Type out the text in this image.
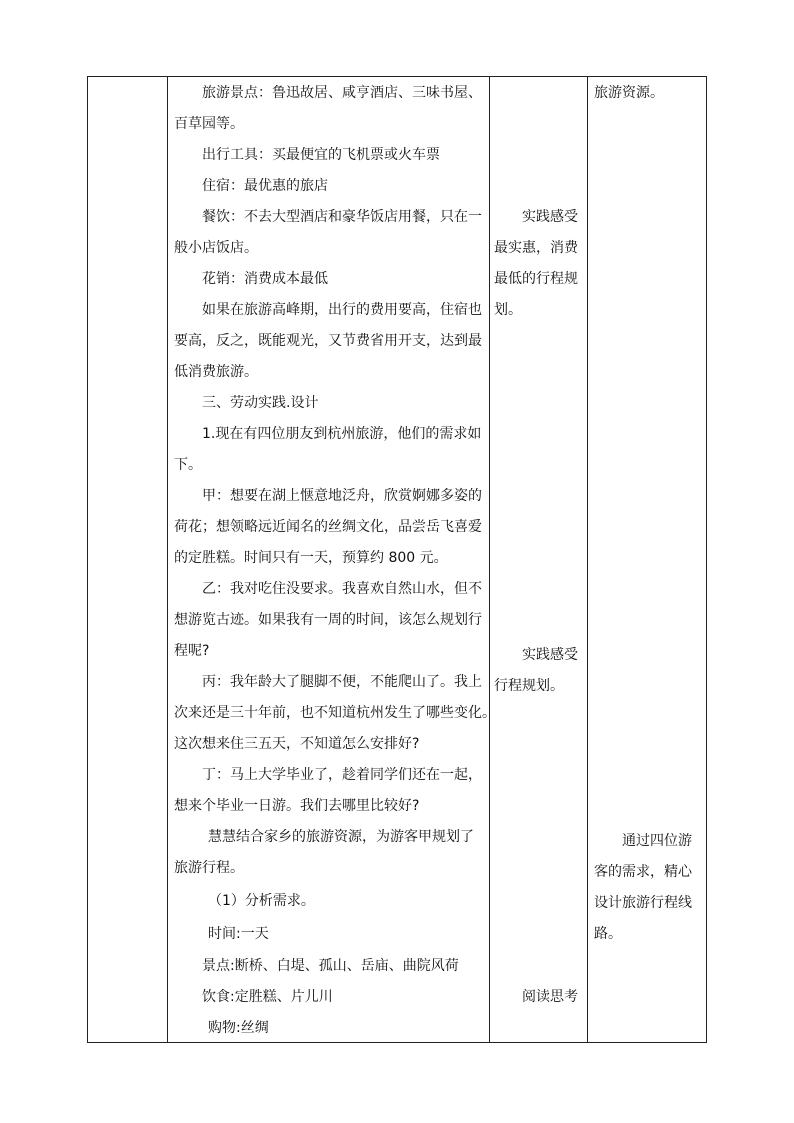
旅游景点：鲁迅故居、咸亨酒店、三味书屋、
百草园等。
出行工具：买最便宜的飞机票或火车票
住宿：最优惠的旅店
餐饮：不去大型酒店和豪华饭店用餐，只在一
般小店饭店。
花销：消费成本最低
如果在旅游高峰期，出行的费用要高，住宿也
要高，反之，既能观光，又节费省用开支，达到最
低消费旅游。
三、劳动实践.设计
1.现在有四位朋友到杭州旅游，他们的需求如
下。
甲：想要在湖上惬意地泛舟，欣赏婀娜多姿的
荷花；想领略远近闻名的丝绸文化，品尝岳飞喜爱
的定胜糕。时间只有一天，预算约 800 元。
乙：我对吃住没要求。我喜欢自然山水，但不
想游览古迹。如果我有一周的时间，该怎么规划行
程呢?
丙：我年龄大了腿脚不便，不能爬山了。我上
次来还是三十年前，也不知道杭州发生了哪些变化。
这次想来住三五天，不知道怎么安排好?
丁：马上大学毕业了，趁着同学们还在一起，
想来个毕业一日游。我们去哪里比较好?
慧慧结合家乡的旅游资源，为游客甲规划了
旅游行程。
（1）分析需求。
时间:一天
景点:断桥、白堤、孤山、岳庙、曲院风荷
饮食:定胜糕、片儿川
购物:丝绸
实践感受
最实惠，消费
最低的行程规
划。
实践感受
行程规划。
阅读思考
旅游资源。
通过四位游
客的需求，精心
设计旅游行程线
路。
